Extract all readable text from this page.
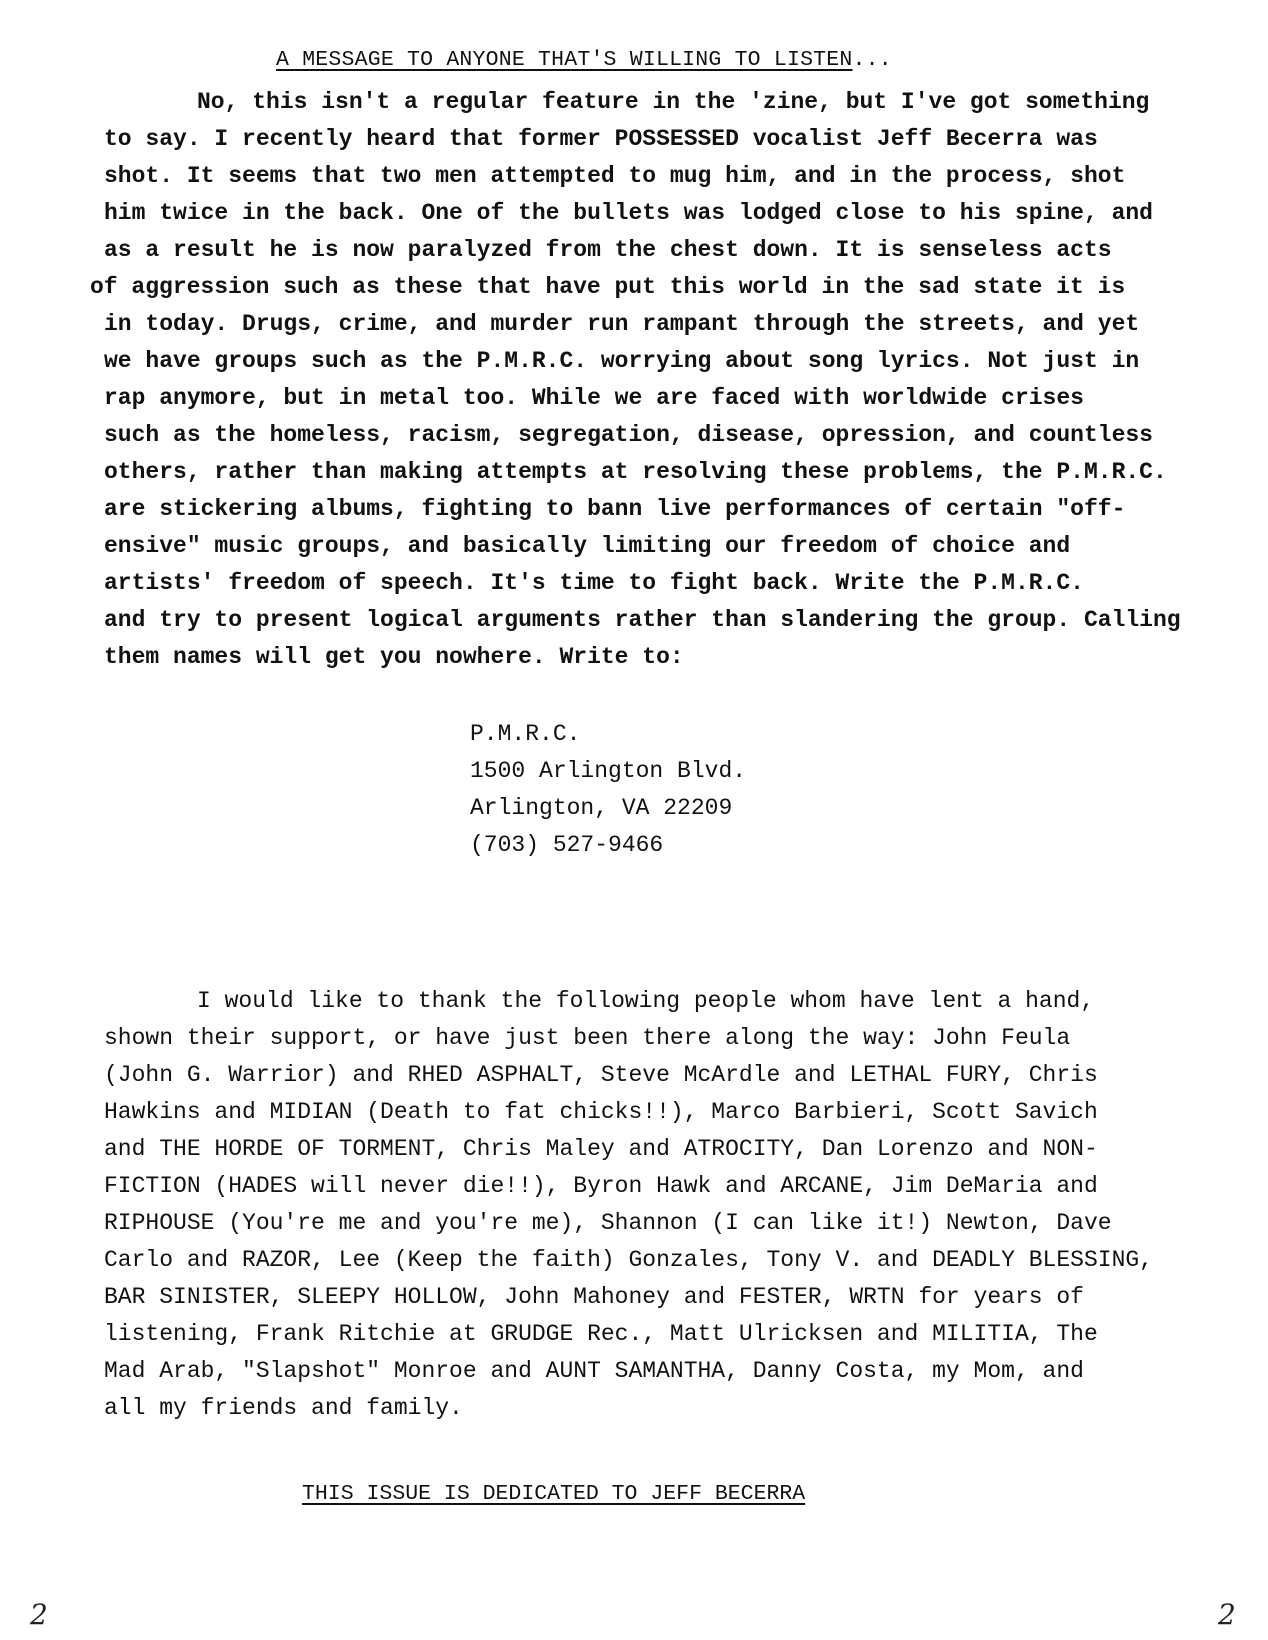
A MESSAGE TO ANYONE THAT'S WILLING TO LISTEN...
No, this isn't a regular feature in the 'zine, but I've got something
to say. I recently heard that former POSSESSED vocalist Jeff Becerra was
shot. It seems that two men attempted to mug him, and in the process, shot
him twice in the back. One of the bullets was lodged close to his spine, and
as a result he is now paralyzed from the chest down. It is senseless acts
of aggression such as these that have put this world in the sad state it is
in today. Drugs, crime, and murder run rampant through the streets, and yet
we have groups such as the P.M.R.C. worrying about song lyrics. Not just in
rap anymore, but in metal too. While we are faced with worldwide crises
such as the homeless, racism, segregation, disease, opression, and countless
others, rather than making attempts at resolving these problems, the P.M.R.C.
are stickering albums, fighting to bann live performances of certain "off-
ensive" music groups, and basically limiting our freedom of choice and
artists' freedom of speech. It's time to fight back. Write the P.M.R.C.
and try to present logical arguments rather than slandering the group. Calling
them names will get you nowhere. Write to:
P.M.R.C.
1500 Arlington Blvd.
Arlington, VA 22209
(703) 527-9466
I would like to thank the following people whom have lent a hand,
shown their support, or have just been there along the way: John Feula
(John G. Warrior) and RHED ASPHALT, Steve McArdle and LETHAL FURY, Chris
Hawkins and MIDIAN (Death to fat chicks!!), Marco Barbieri, Scott Savich
and THE HORDE OF TORMENT, Chris Maley and ATROCITY, Dan Lorenzo and NON-
FICTION (HADES will never die!!), Byron Hawk and ARCANE, Jim DeMaria and
RIPHOUSE (You're me and you're me), Shannon (I can like it!) Newton, Dave
Carlo and RAZOR, Lee (Keep the faith) Gonzales, Tony V. and DEADLY BLESSING,
BAR SINISTER, SLEEPY HOLLOW, John Mahoney and FESTER, WRTN for years of
listening, Frank Ritchie at GRUDGE Rec., Matt Ulricksen and MILITIA, The
Mad Arab, "Slapshot" Monroe and AUNT SAMANTHA, Danny Costa, my Mom, and
all my friends and family.
THIS ISSUE IS DEDICATED TO JEFF BECERRA
2	2
